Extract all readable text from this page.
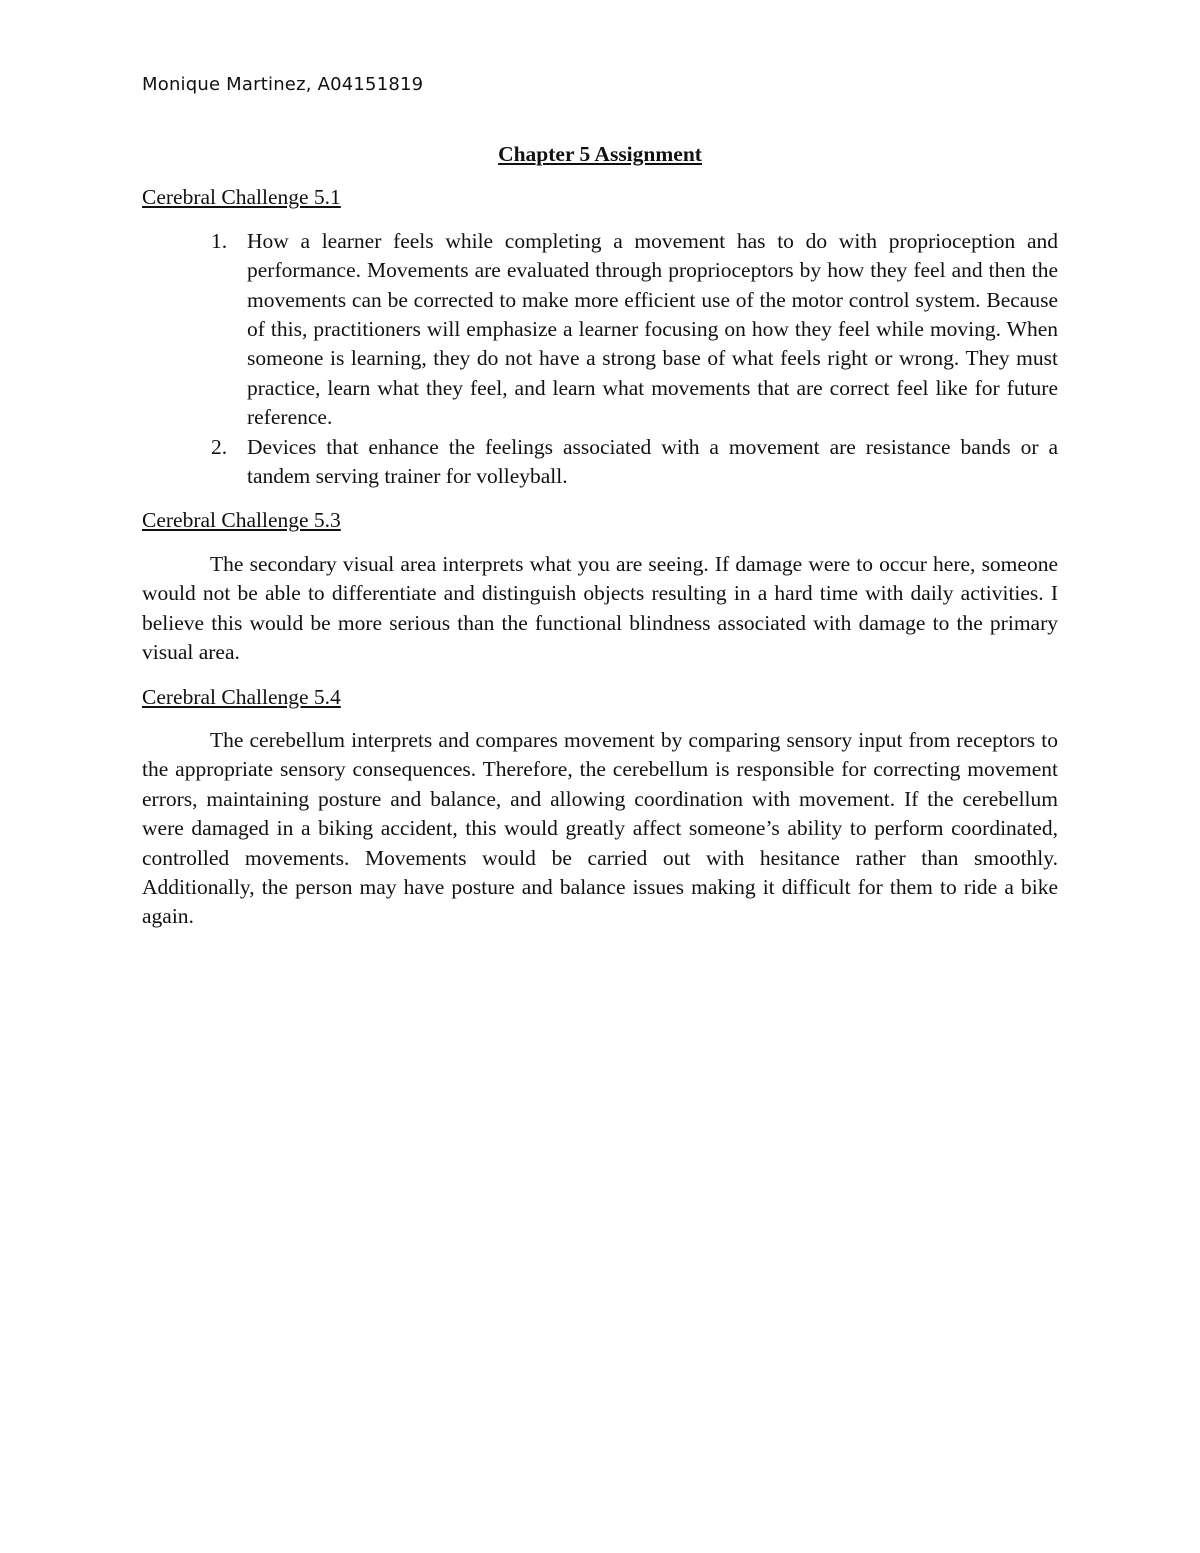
Monique Martinez, A04151819
Chapter 5 Assignment
Cerebral Challenge 5.1
1. How a learner feels while completing a movement has to do with proprioception and performance. Movements are evaluated through proprioceptors by how they feel and then the movements can be corrected to make more efficient use of the motor control system. Because of this, practitioners will emphasize a learner focusing on how they feel while moving. When someone is learning, they do not have a strong base of what feels right or wrong. They must practice, learn what they feel, and learn what movements that are correct feel like for future reference.
2. Devices that enhance the feelings associated with a movement are resistance bands or a tandem serving trainer for volleyball.
Cerebral Challenge 5.3

The secondary visual area interprets what you are seeing. If damage were to occur here, someone would not be able to differentiate and distinguish objects resulting in a hard time with daily activities. I believe this would be more serious than the functional blindness associated with damage to the primary visual area.

Cerebral Challenge 5.4

The cerebellum interprets and compares movement by comparing sensory input from receptors to the appropriate sensory consequences. Therefore, the cerebellum is responsible for correcting movement errors, maintaining posture and balance, and allowing coordination with movement. If the cerebellum were damaged in a biking accident, this would greatly affect someone’s ability to perform coordinated, controlled movements. Movements would be carried out with hesitance rather than smoothly. Additionally, the person may have posture and balance issues making it difficult for them to ride a bike again.
